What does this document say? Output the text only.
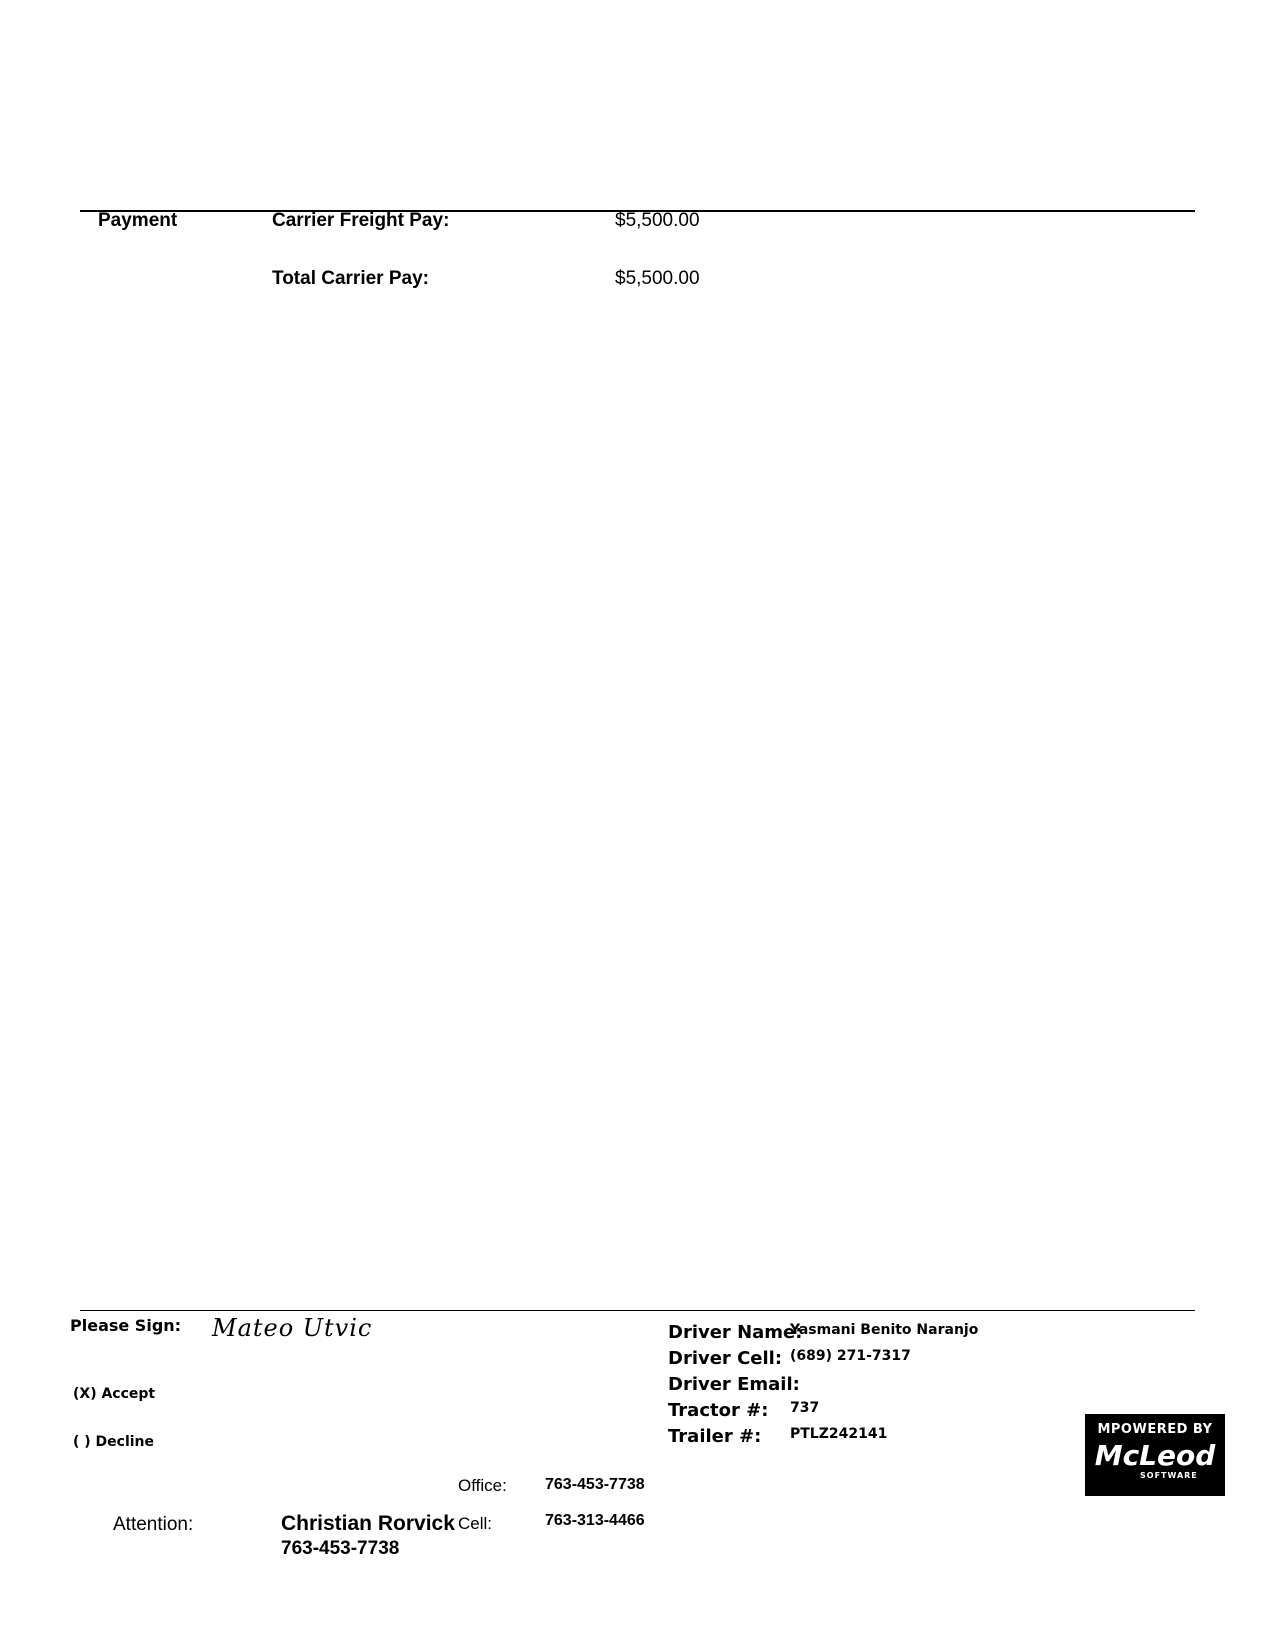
Payment	Carrier Freight Pay:	$5,500.00
Total Carrier Pay:	$5,500.00
Please Sign: Mateo Utvic
(X) Accept
( ) Decline
Driver Name:
Yasmani Benito Naranjo
Driver Cell: (689) 271-7317
Driver Email:
Tractor #: 737
Trailer #: PTLZ242141	MPOWERED BY
McLeod
SOFTWARE
Office: 763-453-7738
Attention:	Christian Rorvick Cell:	763-313-4466
763-453-7738
